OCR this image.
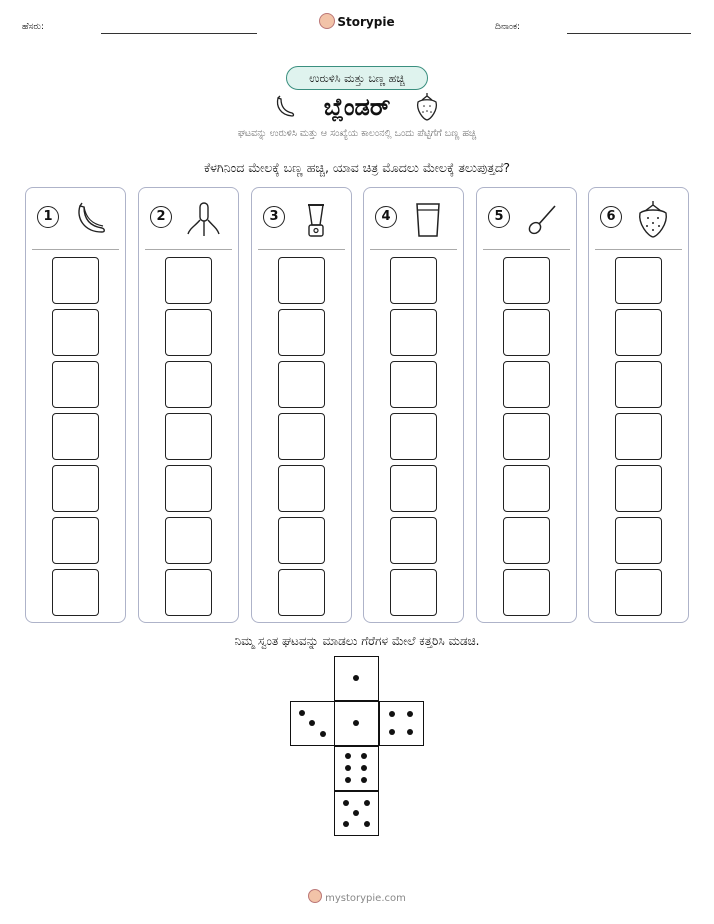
ಹೆಸರು:	Storypie	ದಿನಾಂಕ:
ಉರುಳಿಸಿ ಮತ್ತು ಬಣ್ಣ ಹಚ್ಚಿ
ಬ್ಲೆಂಡರ್
ಘಟವನ್ನು ಉರುಳಿಸಿ ಮತ್ತು ಆ ಸಂಖ್ಯೆಯ ಕಾಲಂನಲ್ಲಿ ಒಂದು ಪೆಟ್ಟಿಗೆಗೆ ಬಣ್ಣ ಹಚ್ಚಿ
ಕೆಳಗಿನಿಂದ ಮೇಲಕ್ಕೆ ಬಣ್ಣ ಹಚ್ಚಿ, ಯಾವ ಚಿತ್ರ ಮೊದಲು ಮೇಲಕ್ಕೆ ತಲುಪುತ್ತದೆ?
1	2	3	4	5	6
ನಿಮ್ಮ ಸ್ವಂತ ಘಟವನ್ನು ಮಾಡಲು ಗೆರೆಗಳ ಮೇಲೆ ಕತ್ತರಿಸಿ ಮಡಚಿ.
mystorypie.com
